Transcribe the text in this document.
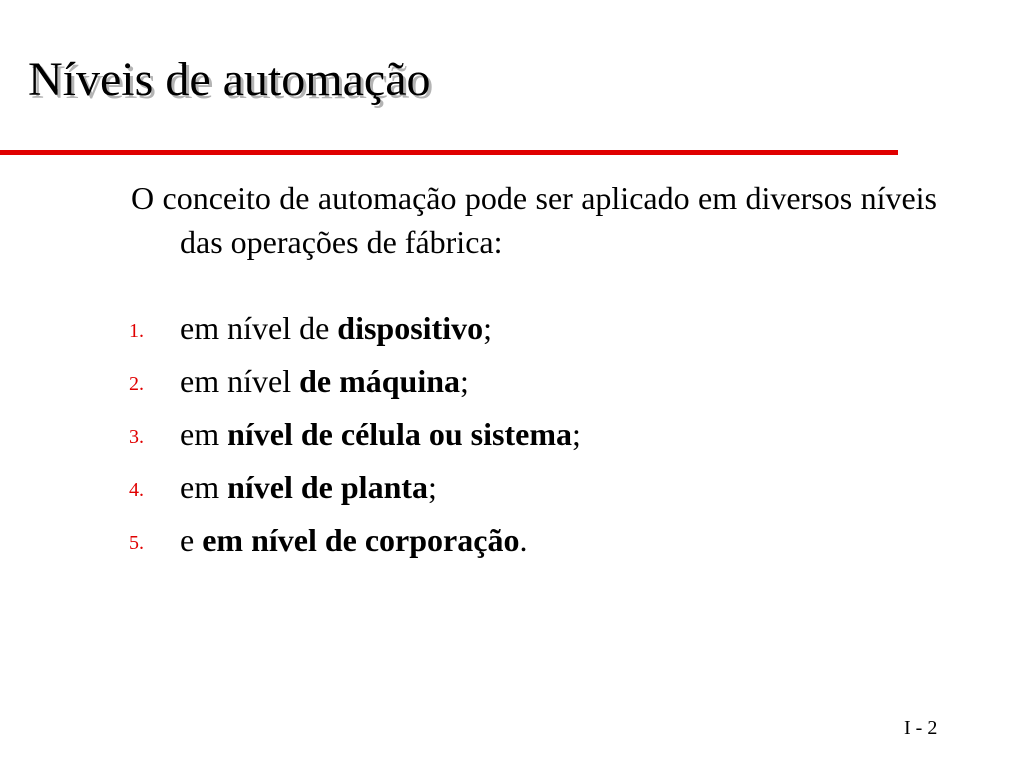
Níveis de automação

O conceito de automação pode ser aplicado em diversos níveis das operações de fábrica:

1. em nível de dispositivo;
2. em nível de máquina;
3. em nível de célula ou sistema;
4. em nível de planta;
5. e em nível de corporação.
I - 2
